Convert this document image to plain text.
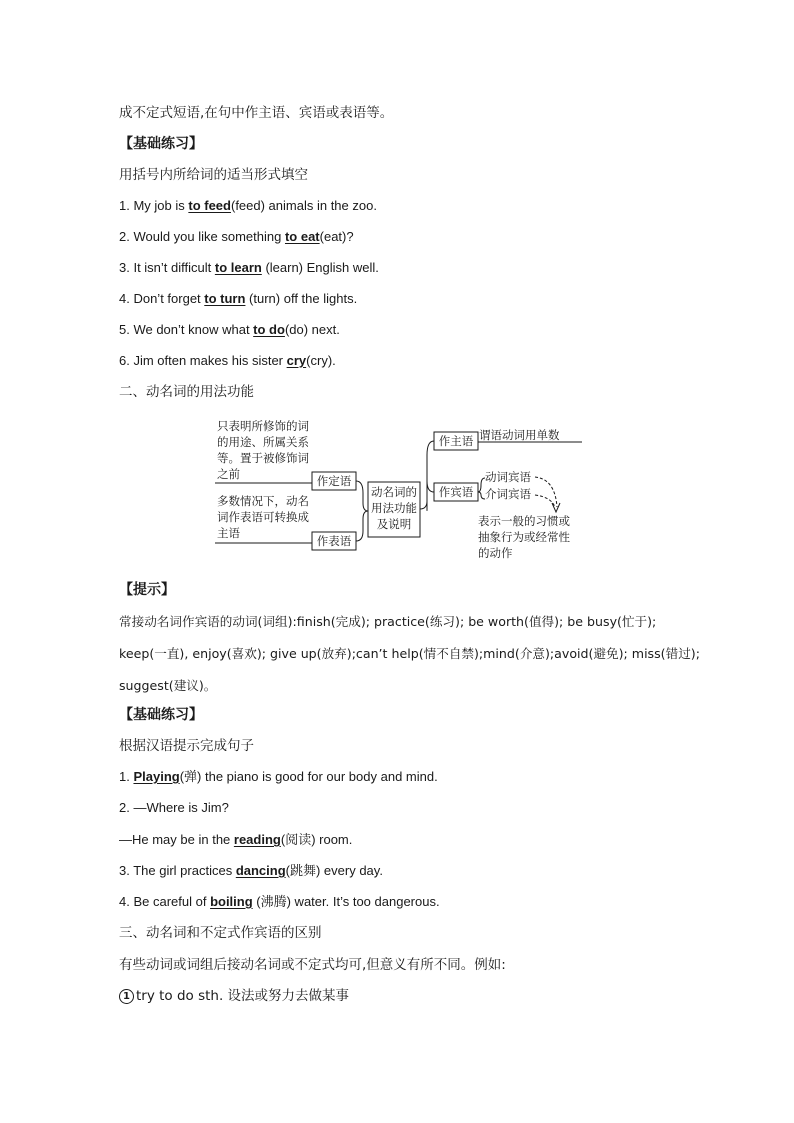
成不定式短语,在句中作主语、宾语或表语等。
【基础练习】
用括号内所给词的适当形式填空
1. My job is to feed(feed) animals in the zoo.
2. Would you like something to eat(eat)?
3. It isn’t difficult to learn (learn) English well.
4. Don’t forget to turn (turn) off the lights.
5. We don’t know what to do(do) next.
6. Jim often makes his sister cry(cry).
二、动名词的用法功能
只表明所修饰的词
的用途、所属关系
等。置于被修饰词
之前	作定语
多数情况下，动名
词作表语可转换成
主语
作表语
动名词的
用法功能
及说明
作主语 谓语动词用单数
作宾语
动词宾语
介词宾语
表示一般的习惯或
抽象行为或经常性
的动作
【提示】
常接动名词作宾语的动词(词组):finish(完成); practice(练习); be worth(值得); be busy(忙于);
keep(一直), enjoy(喜欢); give up(放弃);can’t help(情不自禁);mind(介意);avoid(避免); miss(错过);
suggest(建议)。
【基础练习】
根据汉语提示完成句子
1. Playing(弹) the piano is good for our body and mind.
2. —Where is Jim?
—He may be in the reading(阅读) room.
3. The girl practices dancing(跳舞) every day.
4. Be careful of boiling (沸腾) water. It’s too dangerous.
三、动名词和不定式作宾语的区别
有些动词或词组后接动名词或不定式均可,但意义有所不同。例如:
1 try to do sth. 设法或努力去做某事
